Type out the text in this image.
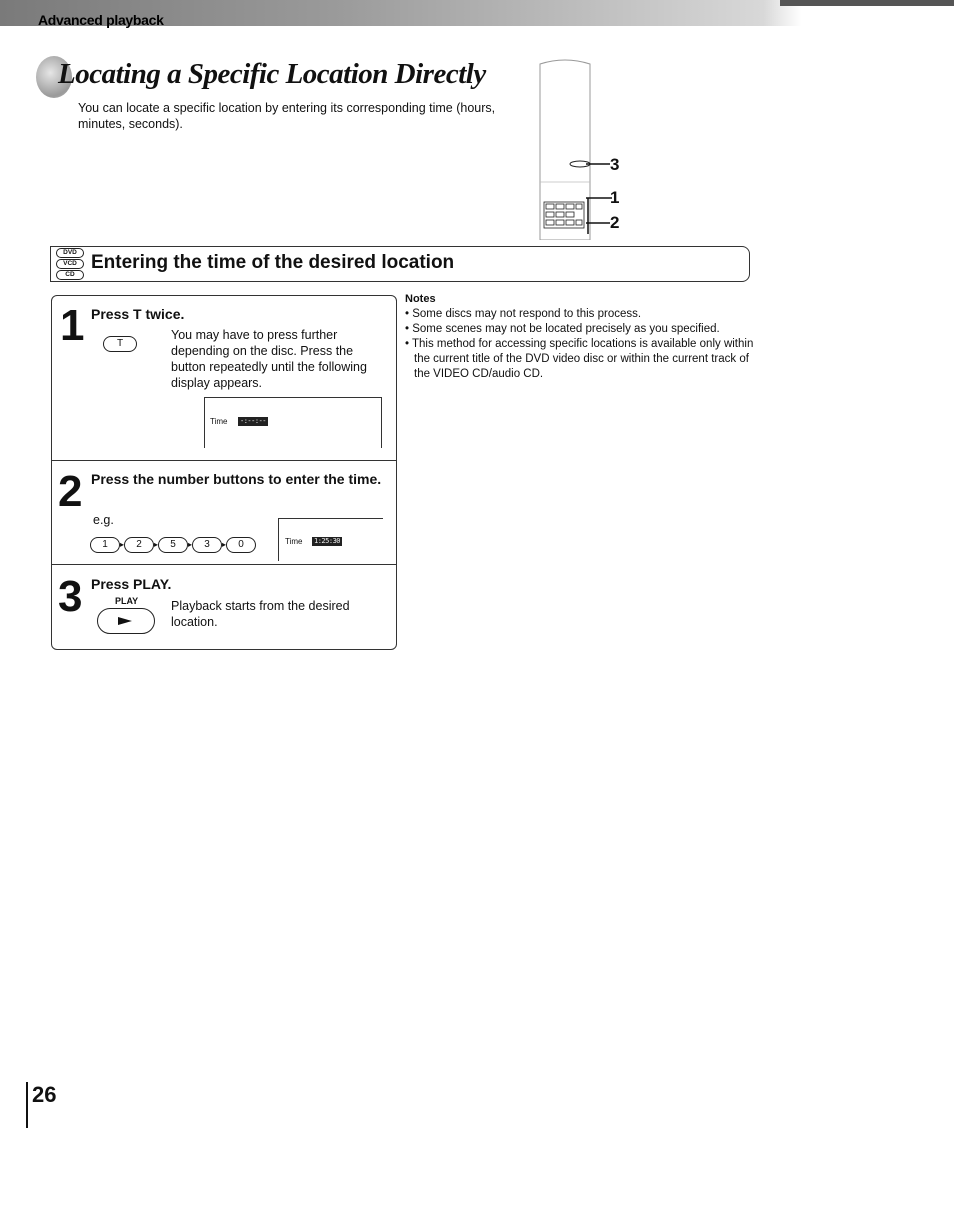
Advanced playback
Locating a Specific Location Directly

You can locate a specific location by entering its corresponding time (hours, minutes, seconds).

3
1
2
DVD
VCD
CD
Entering the time of the desired location
1 Press T twice.
T

You may have to press further depending on the disc. Press the button repeatedly until the following display appears.

Time -:--:--
2 Press the number buttons to enter the time.
e.g.
1 ▸ 2 ▸ 5 ▸ 3 ▸ 0	Time 1:25:30
3 Press PLAY.
PLAY	Playback starts from the desired location.

Notes
• Some discs may not respond to this process.
• Some scenes may not be located precisely as you specified.
• This method for accessing specific locations is available only within the current title of the DVD video disc or within the current track of the VIDEO CD/audio CD.
26
